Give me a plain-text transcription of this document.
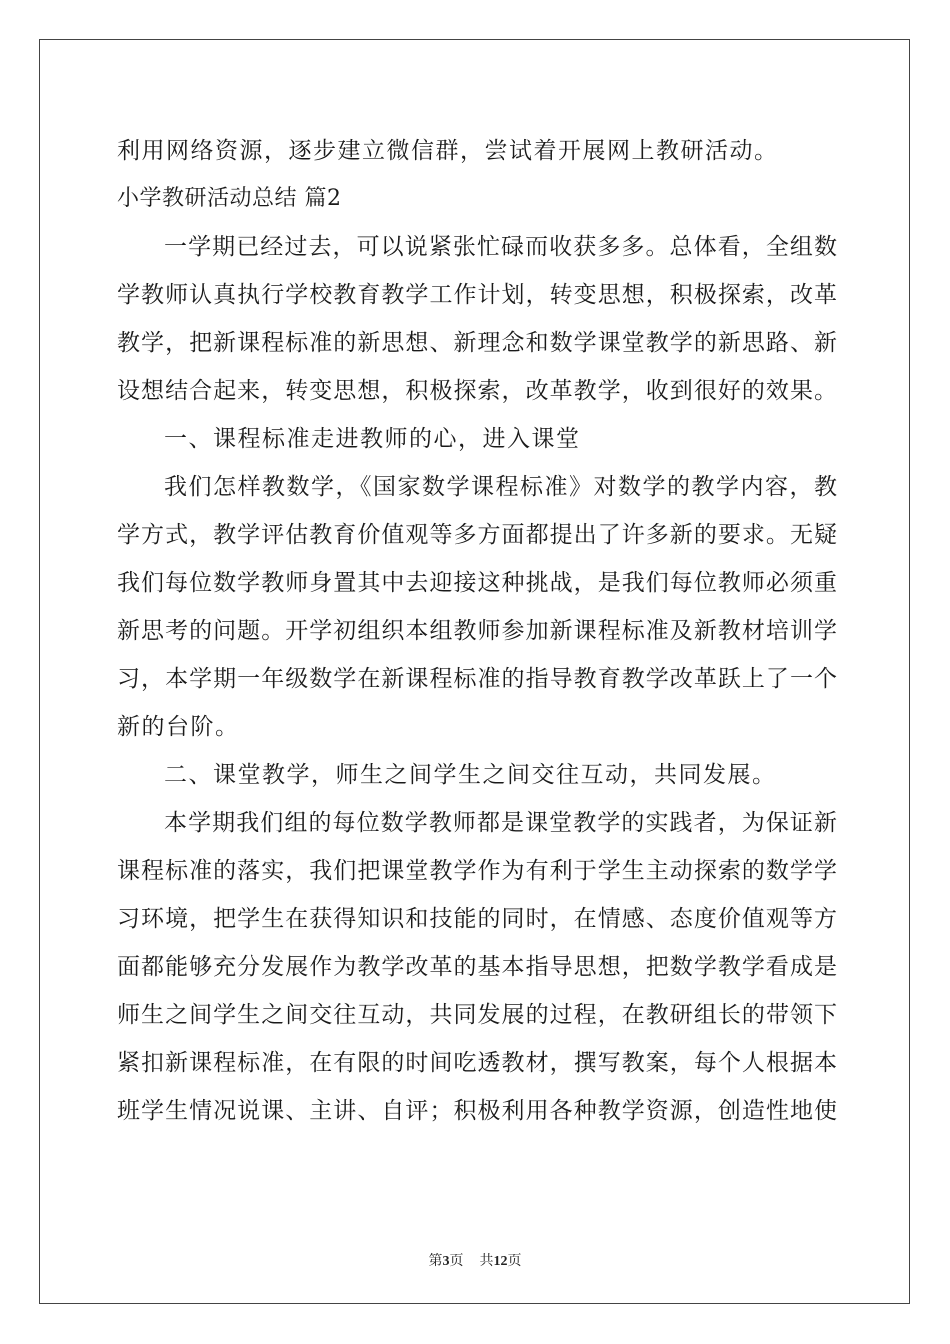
利用网络资源，逐步建立微信群，尝试着开展网上教研活动。
小学教研活动总结 篇2
一学期已经过去，可以说紧张忙碌而收获多多。总体看，全组数
学教师认真执行学校教育教学工作计划，转变思想，积极探索，改革
教学，把新课程标准的新思想、新理念和数学课堂教学的新思路、新
设想结合起来，转变思想，积极探索，改革教学，收到很好的效果。
一、课程标准走进教师的心，进入课堂
我们怎样教数学，《国家数学课程标准》对数学的教学内容，教
学方式，教学评估教育价值观等多方面都提出了许多新的要求。无疑
我们每位数学教师身置其中去迎接这种挑战，是我们每位教师必须重
新思考的问题。开学初组织本组教师参加新课程标准及新教材培训学
习，本学期一年级数学在新课程标准的指导教育教学改革跃上了一个
新的台阶。
二、课堂教学，师生之间学生之间交往互动，共同发展。
本学期我们组的每位数学教师都是课堂教学的实践者，为保证新
课程标准的落实，我们把课堂教学作为有利于学生主动探索的数学学
习环境，把学生在获得知识和技能的同时，在情感、态度价值观等方
面都能够充分发展作为教学改革的基本指导思想，把数学教学看成是
师生之间学生之间交往互动，共同发展的过程，在教研组长的带领下
紧扣新课程标准，在有限的时间吃透教材，撰写教案，每个人根据本
班学生情况说课、主讲、自评；积极利用各种教学资源，创造性地使
第3页 共12页
